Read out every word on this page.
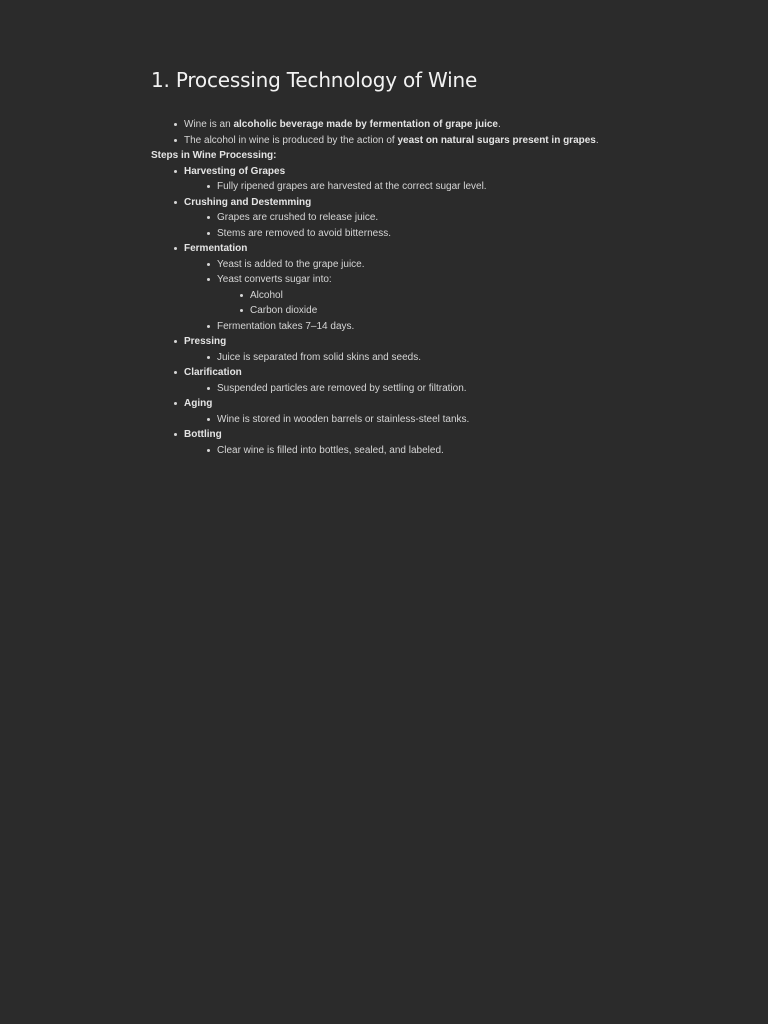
1. Processing Technology of Wine
Wine is an alcoholic beverage made by fermentation of grape juice.
The alcohol in wine is produced by the action of yeast on natural sugars present in grapes.
Steps in Wine Processing:
Harvesting of Grapes
Fully ripened grapes are harvested at the correct sugar level.
Crushing and Destemming
Grapes are crushed to release juice.
Stems are removed to avoid bitterness.
Fermentation
Yeast is added to the grape juice.
Yeast converts sugar into:
Alcohol
Carbon dioxide
Fermentation takes 7–14 days.
Pressing
Juice is separated from solid skins and seeds.
Clarification
Suspended particles are removed by settling or filtration.
Aging
Wine is stored in wooden barrels or stainless-steel tanks.
Bottling
Clear wine is filled into bottles, sealed, and labeled.
